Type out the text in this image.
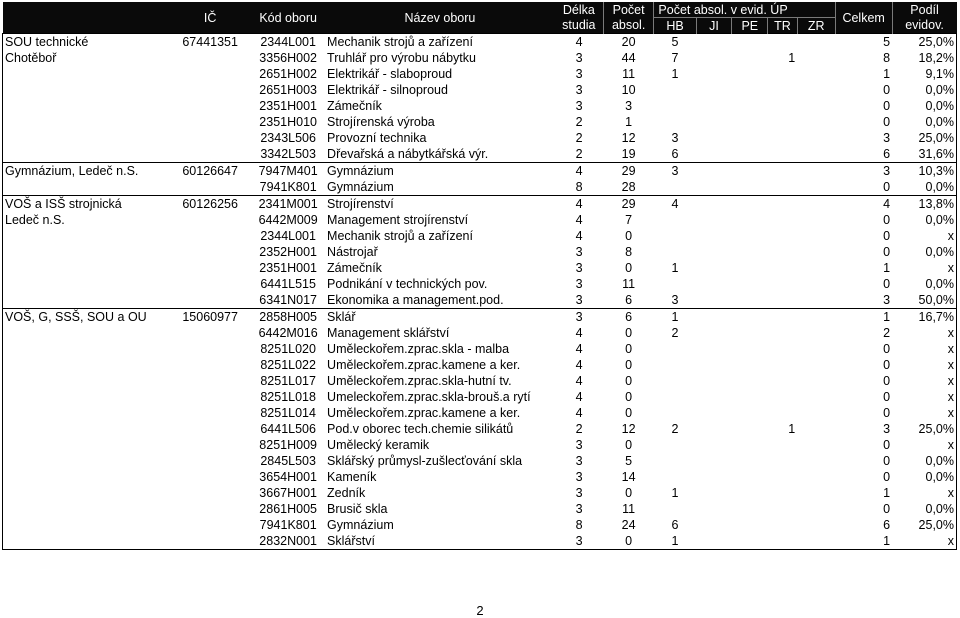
	IČ	Kód oboru	Název oboru	Délka	Počet	Počet absol. v evid. ÚP					Celkem	Podíl
				studia	absol.	HB	JI	PE	TR	ZR		evidov.
SOU technické	67441351	2344L001	Mechanik strojů a zařízení	4	20	5					5	25,0%
Chotěboř		3356H002	Truhlář pro výrobu nábytku	3	44	7			1		8	18,2%
		2651H002	Elektrikář - slaboproud	3	11	1					1	9,1%
		2651H003	Elektrikář - silnoproud	3	10						0	0,0%
		2351H001	Zámečník	3	3						0	0,0%
		2351H010	Strojírenská výroba	2	1						0	0,0%
		2343L506	Provozní technika	2	12	3					3	25,0%
		3342L503	Dřevařská a nábytkářská výr.	2	19	6					6	31,6%
Gymnázium, Ledeč n.S.	60126647	7947M401	Gymnázium	4	29	3					3	10,3%
		7941K801	Gymnázium	8	28						0	0,0%
VOŠ a ISŠ strojnická	60126256	2341M001	Strojírenství	4	29	4					4	13,8%
Ledeč n.S.		6442M009	Management strojírenství	4	7						0	0,0%
		2344L001	Mechanik strojů a zařízení	4	0						0	x
		2352H001	Nástrojař	3	8						0	0,0%
		2351H001	Zámečník	3	0	1					1	x
		6441L515	Podnikání v technických pov.	3	11						0	0,0%
		6341N017	Ekonomika a management.pod.	3	6	3					3	50,0%
VOŠ, G, SSŠ, SOU a OU	15060977	2858H005	Sklář	3	6	1					1	16,7%
		6442M016	Management sklářství	4	0	2					2	x
		8251L020	Uměleckořem.zprac.skla - malba	4	0						0	x
		8251L022	Uměleckořem.zprac.kamene a ker.	4	0						0	x
		8251L017	Uměleckořem.zprac.skla-hutní tv.	4	0						0	x
		8251L018	Umeleckořem.zprac.skla-brouš.a rytí	4	0						0	x
		8251L014	Uměleckořem.zprac.kamene a ker.	4	0						0	x
		6441L506	Pod.v oborec tech.chemie silikátů	2	12	2			1		3	25,0%
		8251H009	Umělecký keramik	3	0						0	x
		2845L503	Sklářský průmysl-zušlecťování skla	3	5						0	0,0%
		3654H001	Kameník	3	14						0	0,0%
		3667H001	Zedník	3	0	1					1	x
		2861H005	Brusič skla	3	11						0	0,0%
		7941K801	Gymnázium	8	24	6					6	25,0%
		2832N001	Sklářství	3	0	1					1	x
2
